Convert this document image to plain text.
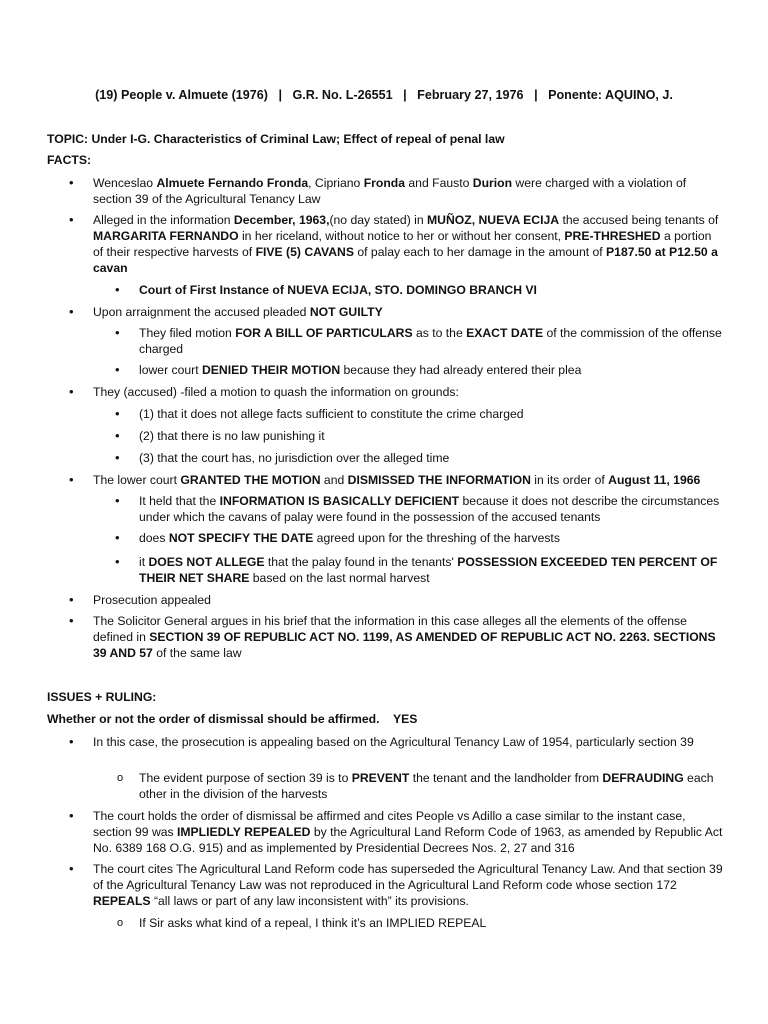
(19) People v. Almuete (1976) | G.R. No. L-26551 | February 27, 1976 | Ponente: AQUINO, J.
TOPIC: Under I-G. Characteristics of Criminal Law; Effect of repeal of penal law
FACTS:
• Wenceslao Almuete Fernando Fronda, Cipriano Fronda and Fausto Durion were charged with a violation of section 39 of the Agricultural Tenancy Law

• Alleged in the information December, 1963,(no day stated) in MUÑOZ, NUEVA ECIJA the accused being tenants of MARGARITA FERNANDO in her riceland, without notice to her or without her consent, PRE-THRESHED a portion of their respective harvests of FIVE (5) CAVANS of palay each to her damage in the amount of P187.50 at P12.50 a cavan

• Court of First Instance of NUEVA ECIJA, STO. DOMINGO BRANCH VI

• Upon arraignment the accused pleaded NOT GUILTY

• They filed motion FOR A BILL OF PARTICULARS as to the EXACT DATE of the commission of the offense charged

• lower court DENIED THEIR MOTION because they had already entered their plea

• They (accused) -filed a motion to quash the information on grounds:

• (1) that it does not allege facts sufficient to constitute the crime charged

• (2) that there is no law punishing it

• (3) that the court has, no jurisdiction over the alleged time

• The lower court GRANTED THE MOTION and DISMISSED THE INFORMATION in its order of August 11, 1966

• It held that the INFORMATION IS BASICALLY DEFICIENT because it does not describe the circumstances under which the cavans of palay were found in the possession of the accused tenants

• does NOT SPECIFY THE DATE agreed upon for the threshing of the harvests

• it DOES NOT ALLEGE that the palay found in the tenants' POSSESSION EXCEEDED TEN PERCENT OF THEIR NET SHARE based on the last normal harvest

• Prosecution appealed

• The Solicitor General argues in his brief that the information in this case alleges all the elements of the offense defined in SECTION 39 OF REPUBLIC ACT NO. 1199, AS AMENDED OF REPUBLIC ACT NO. 2263. SECTIONS 39 AND 57 of the same law

ISSUES + RULING:
Whether or not the order of dismissal should be affirmed. YES
• In this case, the prosecution is appealing based on the Agricultural Tenancy Law of 1954, particularly section 39

o The evident purpose of section 39 is to PREVENT the tenant and the landholder from DEFRAUDING each other in the division of the harvests

• The court holds the order of dismissal be affirmed and cites People vs Adillo a case similar to the instant case, section 99 was IMPLIEDLY REPEALED by the Agricultural Land Reform Code of 1963, as amended by Republic Act No. 6389 168 O.G. 915) and as implemented by Presidential Decrees Nos. 2, 27 and 316

• The court cites The Agricultural Land Reform code has superseded the Agricultural Tenancy Law. And that section 39 of the Agricultural Tenancy Law was not reproduced in the Agricultural Land Reform code whose section 172 REPEALS “all laws or part of any law inconsistent with” its provisions.

o If Sir asks what kind of a repeal, I think it’s an IMPLIED REPEAL
